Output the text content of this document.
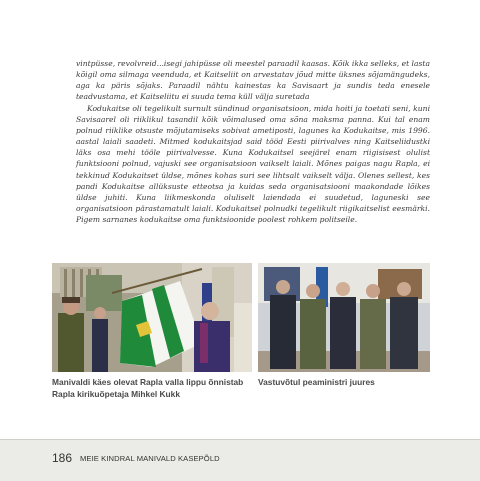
vintpüsse, revolvreid...isegi jahipüsse oli meestel paraadil kaasas. Kõik ikka selleks, et lasta kõigil oma silmaga veenduda, et Kaitseliit on arvestatav jõud mitte üksnes sõjamängudeks, aga ka päris sõjaks. Paraadil nähtu kainestas ka Savisaart ja sundis teda enesele teadvustama, et Kaitseliitu ei suuda tema küll välja suretada

Kodukaitse oli tegelikult surnult sündinud organisatsioon, mida hoiti ja toetati seni, kuni Savisaarel oli riiklikul tasandil kõik võimalused oma sõna maksma panna. Kui tal enam polnud riiklike otsuste mõjutamiseks sobivat ametiposti, lagunes ka Kodukaitse, mis 1996. aastal laiali saadeti. Mitmed kodukaitsjad said tööd Eesti piirivalves ning Kaitseliidustki läks osa mehi tööle piirivalvesse. Kuna Kodukaitsel seejärel enam riigisisest olulist funktsiooni polnud, vajuski see organisatsioon vaikselt laiali. Mõnes paigas nagu Rapla, ei tekkinud Kodukaitset üldse, mõnes kohas suri see lihtsalt vaikselt välja. Olenes sellest, kes pandi Kodukaitse allüksuste etteotsa ja kuidas seda organisatsiooni maakondade lõikes üldse juhiti. Kuna liikmeskonda oluliselt laiendada ei suudetud, laguneski see organisatsioon pärastamatult laiali. Kodukaitsel polnudki tegelikult riigikaitselist eesmärki. Pigem sarnanes kodukaitse oma funktsioonide poolest rohkem politseile.

Manivaldi käes olevat Rapla valla lippu õnnistab Rapla kirikuõpetaja Mihkel Kukk
Vastuvõtul peaministri juures
186 MEIE KINDRAL MANIVALD KASEPÕLD
